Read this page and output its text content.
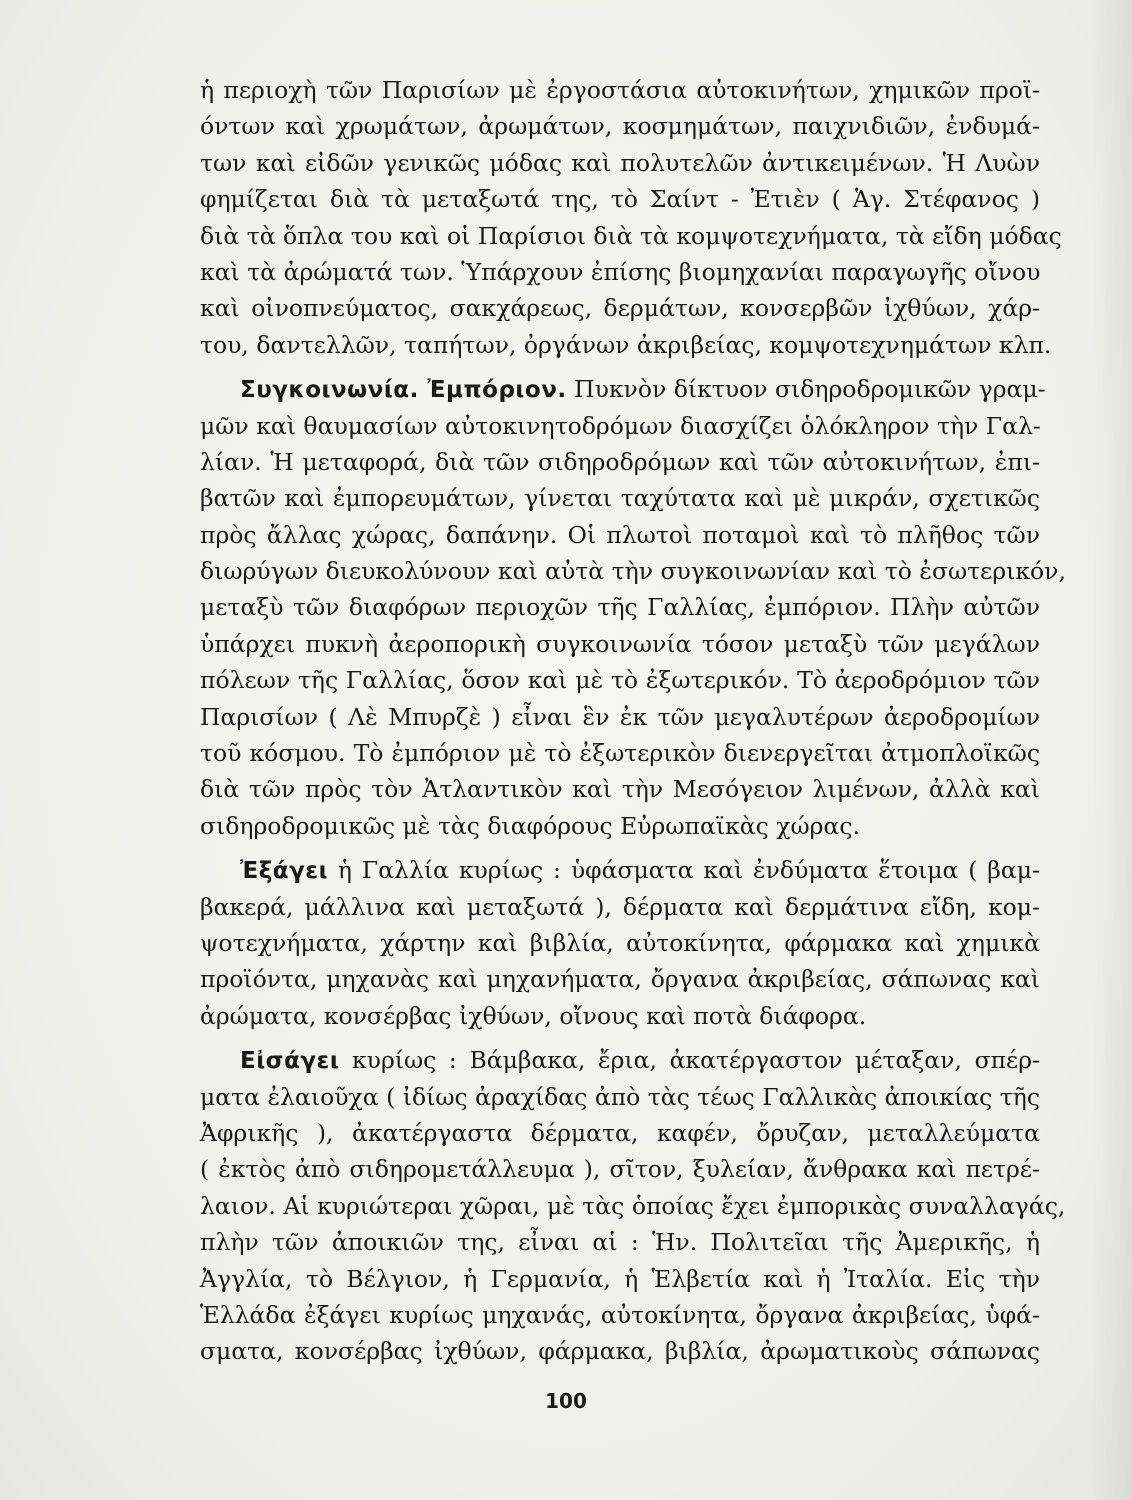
ἡ περιοχὴ τῶν Παρισίων μὲ ἐργοστάσια αὐτοκινήτων, χημικῶν προϊ-
όντων καὶ χρωμάτων, ἀρωμάτων, κοσμημάτων, παιχνιδιῶν, ἐνδυμά-
των καὶ εἰδῶν γενικῶς μόδας καὶ πολυτελῶν ἀντικειμένων. Ἡ Λυὼν
φημίζεται διὰ τὰ μεταξωτά της, τὸ Σαίντ - Ἐτιὲν ( Ἁγ. Στέφανος )
διὰ τὰ ὅπλα του καὶ οἱ Παρίσιοι διὰ τὰ κομψοτεχνήματα, τὰ εἴδη μόδας
καὶ τὰ ἀρώματά των. Ὑπάρχουν ἐπίσης βιομηχανίαι παραγωγῆς οἴνου
καὶ οἰνοπνεύματος, σακχάρεως, δερμάτων, κονσερβῶν ἰχθύων, χάρ-
του, δαντελλῶν, ταπήτων, ὀργάνων ἀκριβείας, κομψοτεχνημάτων κλπ.
Συγκοινωνία. Ἐμπόριον. Πυκνὸν δίκτυον σιδηροδρομικῶν γραμ-
μῶν καὶ θαυμασίων αὐτοκινητοδρόμων διασχίζει ὁλόκληρον τὴν Γαλ-
λίαν. Ἡ μεταφορά, διὰ τῶν σιδηροδρόμων καὶ τῶν αὐτοκινήτων, ἐπι-
βατῶν καὶ ἐμπορευμάτων, γίνεται ταχύτατα καὶ μὲ μικράν, σχετικῶς
πρὸς ἄλλας χώρας, δαπάνην. Οἱ πλωτοὶ ποταμοὶ καὶ τὸ πλῆθος τῶν
διωρύγων διευκολύνουν καὶ αὐτὰ τὴν συγκοινωνίαν καὶ τὸ ἐσωτερικόν,
μεταξὺ τῶν διαφόρων περιοχῶν τῆς Γαλλίας, ἐμπόριον. Πλὴν αὐτῶν
ὑπάρχει πυκνὴ ἀεροπορικὴ συγκοινωνία τόσον μεταξὺ τῶν μεγάλων
πόλεων τῆς Γαλλίας, ὅσον καὶ μὲ τὸ ἐξωτερικόν. Τὸ ἀεροδρόμιον τῶν
Παρισίων ( Λὲ Μπυρζὲ ) εἶναι ἓν ἐκ τῶν μεγαλυτέρων ἀεροδρομίων
τοῦ κόσμου. Τὸ ἐμπόριον μὲ τὸ ἐξωτερικὸν διενεργεῖται ἀτμοπλοϊκῶς
διὰ τῶν πρὸς τὸν Ἀτλαντικὸν καὶ τὴν Μεσόγειον λιμένων, ἀλλὰ καὶ
σιδηροδρομικῶς μὲ τὰς διαφόρους Εὐρωπαϊκὰς χώρας.
Ἐξάγει ἡ Γαλλία κυρίως : ὑφάσματα καὶ ἐνδύματα ἕτοιμα ( βαμ-
βακερά, μάλλινα καὶ μεταξωτά ), δέρματα καὶ δερμάτινα εἴδη, κομ-
ψοτεχνήματα, χάρτην καὶ βιβλία, αὐτοκίνητα, φάρμακα καὶ χημικὰ
προϊόντα, μηχανὰς καὶ μηχανήματα, ὄργανα ἀκριβείας, σάπωνας καὶ
ἀρώματα, κονσέρβας ἰχθύων, οἴνους καὶ ποτὰ διάφορα.
Εἰσάγει κυρίως : Βάμβακα, ἔρια, ἀκατέργαστον μέταξαν, σπέρ-
ματα ἐλαιοῦχα ( ἰδίως ἀραχίδας ἀπὸ τὰς τέως Γαλλικὰς ἀποικίας τῆς
Ἀφρικῆς ), ἀκατέργαστα δέρματα, καφέν, ὄρυζαν, μεταλλεύματα
( ἐκτὸς ἀπὸ σιδηρομετάλλευμα ), σῖτον, ξυλείαν, ἄνθρακα καὶ πετρέ-
λαιον. Αἱ κυριώτεραι χῶραι, μὲ τὰς ὁποίας ἔχει ἐμπορικὰς συναλλαγάς,
πλὴν τῶν ἀποικιῶν της, εἶναι αἱ : Ἡν. Πολιτεῖαι τῆς Ἀμερικῆς, ἡ
Ἀγγλία, τὸ Βέλγιον, ἡ Γερμανία, ἡ Ἑλβετία καὶ ἡ Ἰταλία. Εἰς τὴν
Ἑλλάδα ἐξάγει κυρίως μηχανάς, αὐτοκίνητα, ὄργανα ἀκριβείας, ὑφά-
σματα, κονσέρβας ἰχθύων, φάρμακα, βιβλία, ἀρωματικοὺς σάπωνας
100
